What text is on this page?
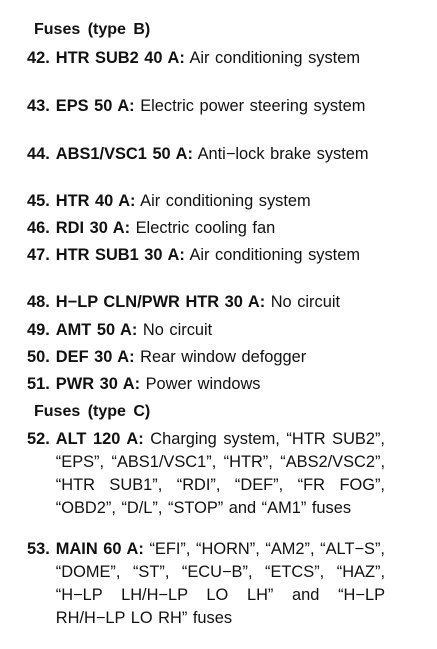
Fuses (type B)
42. HTR SUB2 40 A: Air conditioning system
43. EPS 50 A: Electric power steering system
44. ABS1/VSC1 50 A: Anti−lock brake system
45. HTR 40 A: Air conditioning system
46. RDI 30 A: Electric cooling fan
47. HTR SUB1 30 A: Air conditioning system
48. H−LP CLN/PWR HTR 30 A: No circuit
49. AMT 50 A: No circuit
50. DEF 30 A: Rear window defogger
51. PWR 30 A: Power windows
Fuses (type C)
52. ALT 120 A: Charging system, “HTR SUB2”, “EPS”, “ABS1/VSC1”, “HTR”, “ABS2/VSC2”, “HTR SUB1”, “RDI”, “DEF”, “FR FOG”, “OBD2”, “D/L”, “STOP” and “AM1” fuses
53. MAIN 60 A: “EFI”, “HORN”, “AM2”, “ALT−S”, “DOME”, “ST”, “ECU−B”, “ETCS”, “HAZ”, “H−LP LH/H−LP LO LH” and “H−LP RH/H−LP LO RH” fuses
